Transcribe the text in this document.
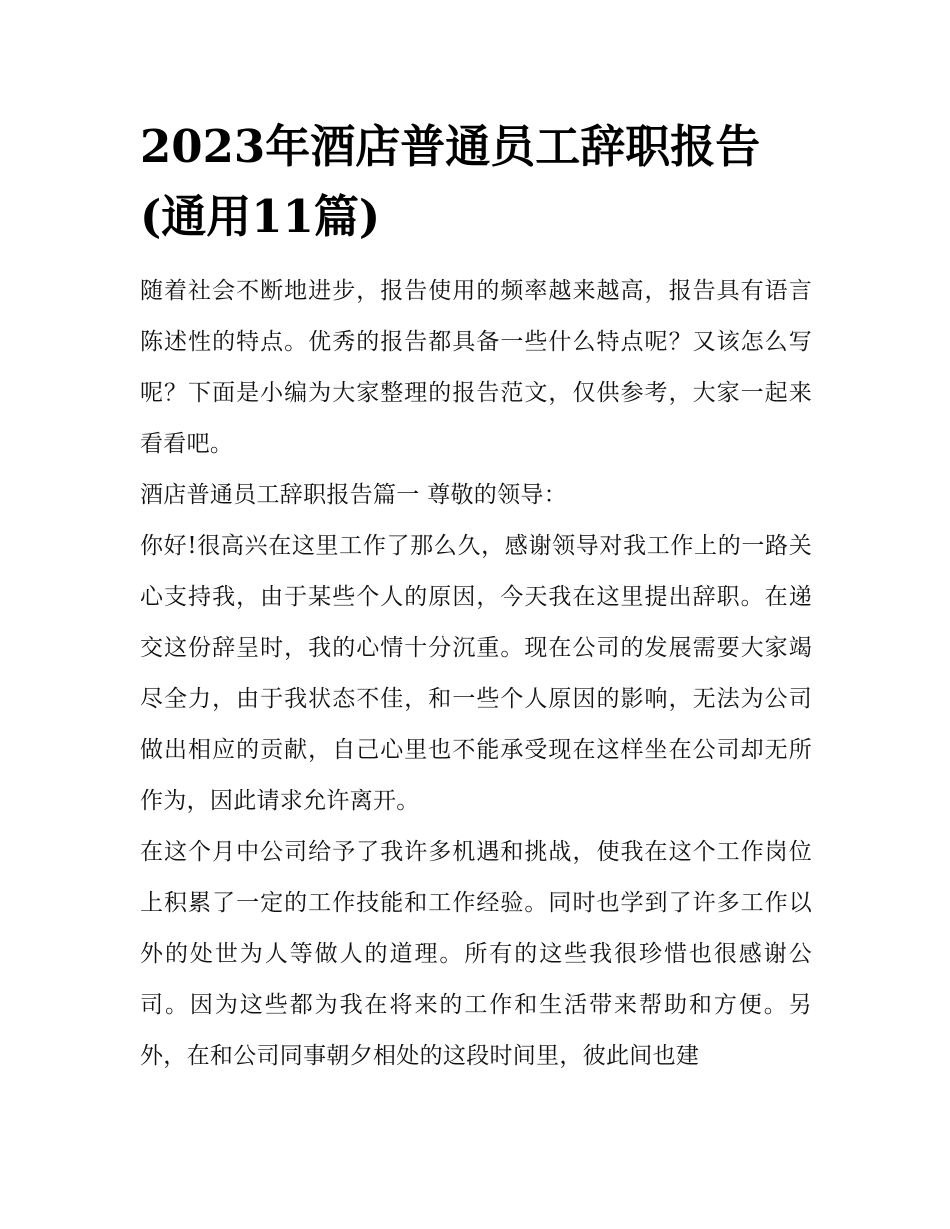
2023年酒店普通员工辞职报告(通用11篇)

随着社会不断地进步，报告使用的频率越来越高，报告具有语言陈述性的特点。优秀的报告都具备一些什么特点呢？又该怎么写呢？下面是小编为大家整理的报告范文，仅供参考，大家一起来看看吧。

酒店普通员工辞职报告篇一 尊敬的领导：

你好!很高兴在这里工作了那么久，感谢领导对我工作上的一路关心支持我，由于某些个人的原因，今天我在这里提出辞职。在递交这份辞呈时，我的心情十分沉重。现在公司的发展需要大家竭尽全力，由于我状态不佳，和一些个人原因的影响，无法为公司做出相应的贡献，自己心里也不能承受现在这样坐在公司却无所作为，因此请求允许离开。

在这个月中公司给予了我许多机遇和挑战，使我在这个工作岗位上积累了一定的工作技能和工作经验。同时也学到了许多工作以外的处世为人等做人的道理。所有的这些我很珍惜也很感谢公司。因为这些都为我在将来的工作和生活带来帮助和方便。另外，在和公司同事朝夕相处的这段时间里，彼此间也建
